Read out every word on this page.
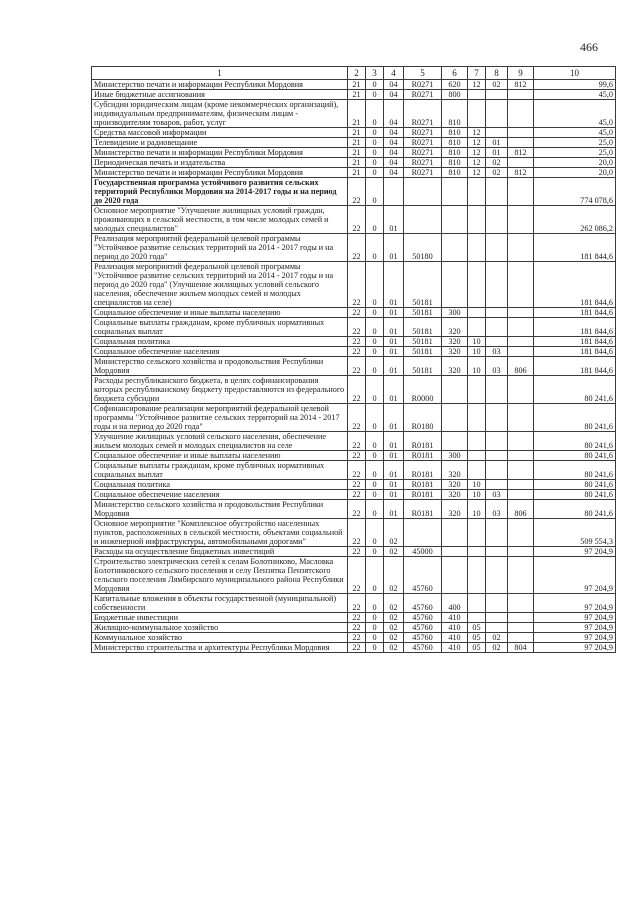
466
1	2	3	4	5	6	7	8	9	10
Министерство печати и информации Республики Мордовия	21	0	04	R0271	620	12	02	812	99,6
Иные бюджетные ассигнования	21	0	04	R0271	800				45,0
Субсидии юридическим лицам (кроме некоммерческих организаций), индивидуальным предпринимателям, физическим лицам - производителям товаров, работ, услуг	21	0	04	R0271	810				45,0
Средства массовой информации	21	0	04	R0271	810	12			45,0
Телевидение и радиовещание	21	0	04	R0271	810	12	01		25,0
Министерство печати и информации Республики Мордовия	21	0	04	R0271	810	12	01	812	25,0
Периодическая печать и издательства	21	0	04	R0271	810	12	02		20,0
Министерство печати и информации Республики Мордовия	21	0	04	R0271	810	12	02	812	20,0
Государственная программа устойчивого развития сельских территорий Республики Мордовия на 2014-2017 годы и на период до 2020 года	22	0							774 078,6
Основное мероприятие "Улучшение жилищных условий граждан, проживающих в сельской местности, в том числе молодых семей и молодых специалистов"	22	0	01						262 086,2
Реализация мероприятий федеральной целевой программы "Устойчивое развитие сельских территорий на 2014 - 2017 годы и на период до 2020 года"	22	0	01	50180					181 844,6
Реализация мероприятий федеральной целевой программы "Устойчивое развитие сельских территорий на 2014 - 2017 годы и на период до 2020 года" (Улучшение жилищных условий сельского населения, обеспечение жильем молодых семей и молодых специалистов на селе)	22	0	01	50181					181 844,6
Социальное обеспечение и иные выплаты населению	22	0	01	50181	300				181 844,6
Социальные выплаты гражданам, кроме публичных нормативных социальных выплат	22	0	01	50181	320				181 844,6
Социальная политика	22	0	01	50181	320	10			181 844,6
Социальное обеспечение населения	22	0	01	50181	320	10	03		181 844,6
Министерство сельского хозяйства и продовольствия Республики Мордовия	22	0	01	50181	320	10	03	806	181 844,6
Расходы республиканского бюджета, в целях софинансирования которых республиканскому бюджету предоставляются из федерального бюджета субсидии	22	0	01	R0000					80 241,6
Софинансирование реализации мероприятий федеральной целевой программы "Устойчивое развитие сельских территорий на 2014 - 2017 годы и на период до 2020 года"	22	0	01	R0180					80 241,6
Улучшение жилищных условий сельского населения, обеспечение жильем молодых семей и молодых специалистов на селе	22	0	01	R0181					80 241,6
Социальное обеспечение и иные выплаты населению	22	0	01	R0181	300				80 241,6
Социальные выплаты гражданам, кроме публичных нормативных социальных выплат	22	0	01	R0181	320				80 241,6
Социальная политика	22	0	01	R0181	320	10			80 241,6
Социальное обеспечение населения	22	0	01	R0181	320	10	03		80 241,6
Министерство сельского хозяйства и продовольствия Республики Мордовия	22	0	01	R0181	320	10	03	806	80 241,6
Основное мероприятие "Комплексное обустройство населенных пунктов, расположенных в сельской местности, объектами социальной и инженерной инфраструктуры, автомобильными дорогами"	22	0	02						509 554,3
Расходы на осуществление бюджетных инвестиций	22	0	02	45000					97 204,9
Строительство электрических сетей к селам Болотниково, Масловка Болотниковского сельского поселения и селу Пензятка Пензятского сельского поселения Лямбирского муниципального района Республики Мордовия	22	0	02	45760					97 204,9
Капитальные вложения в объекты государственной (муниципальной) собственности	22	0	02	45760	400				97 204,9
Бюджетные инвестиции	22	0	02	45760	410				97 204,9
Жилищно-коммунальное хозяйство	22	0	02	45760	410	05			97 204,9
Коммунальное хозяйство	22	0	02	45760	410	05	02		97 204,9
Министерство строительства и архитектуры Республики Мордовия	22	0	02	45760	410	05	02	804	97 204,9
